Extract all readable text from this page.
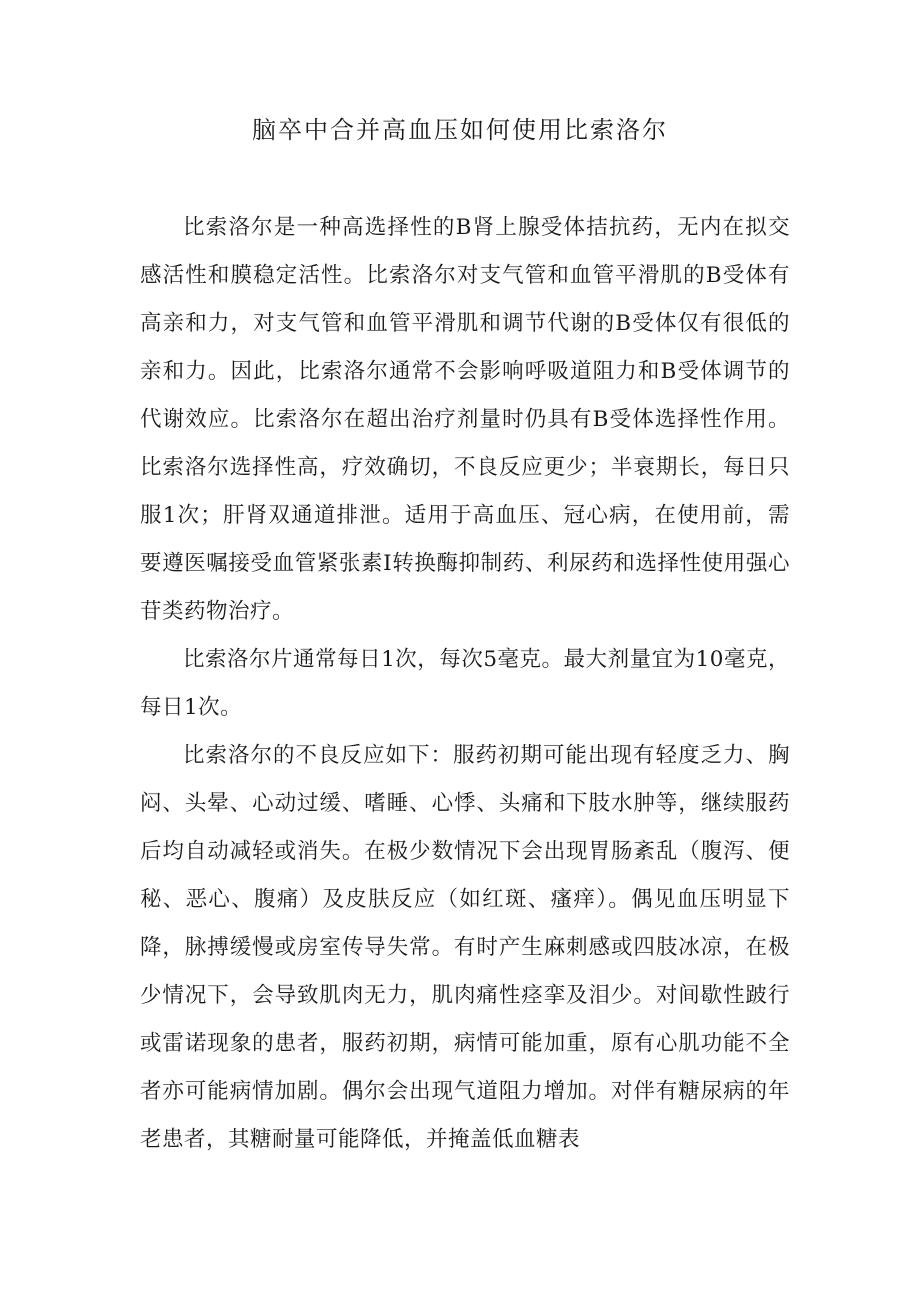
脑卒中合并高血压如何使用比索洛尔

比索洛尔是一种高选择性的B肾上腺受体拮抗药，无内在拟交感活性和膜稳定活性。比索洛尔对支气管和血管平滑肌的B受体有高亲和力，对支气管和血管平滑肌和调节代谢的B受体仅有很低的亲和力。因此，比索洛尔通常不会影响呼吸道阻力和B受体调节的代谢效应。比索洛尔在超出治疗剂量时仍具有B受体选择性作用。比索洛尔选择性高，疗效确切，不良反应更少；半衰期长，每日只服1次；肝肾双通道排泄。适用于高血压、冠心病，在使用前，需要遵医嘱接受血管紧张素I转换酶抑制药、利尿药和选择性使用强心苷类药物治疗。

比索洛尔片通常每日1次，每次5毫克。最大剂量宜为10毫克，每日1次。

比索洛尔的不良反应如下：服药初期可能出现有轻度乏力、胸闷、头晕、心动过缓、嗜睡、心悸、头痛和下肢水肿等，继续服药后均自动减轻或消失。在极少数情况下会出现胃肠紊乱（腹泻、便秘、恶心、腹痛）及皮肤反应（如红斑、瘙痒）。偶见血压明显下降，脉搏缓慢或房室传导失常。有时产生麻刺感或四肢冰凉，在极少情况下，会导致肌肉无力，肌肉痛性痉挛及泪少。对间歇性跛行或雷诺现象的患者，服药初期，病情可能加重，原有心肌功能不全者亦可能病情加剧。偶尔会出现气道阻力增加。对伴有糖尿病的年老患者，其糖耐量可能降低，并掩盖低血糖表
